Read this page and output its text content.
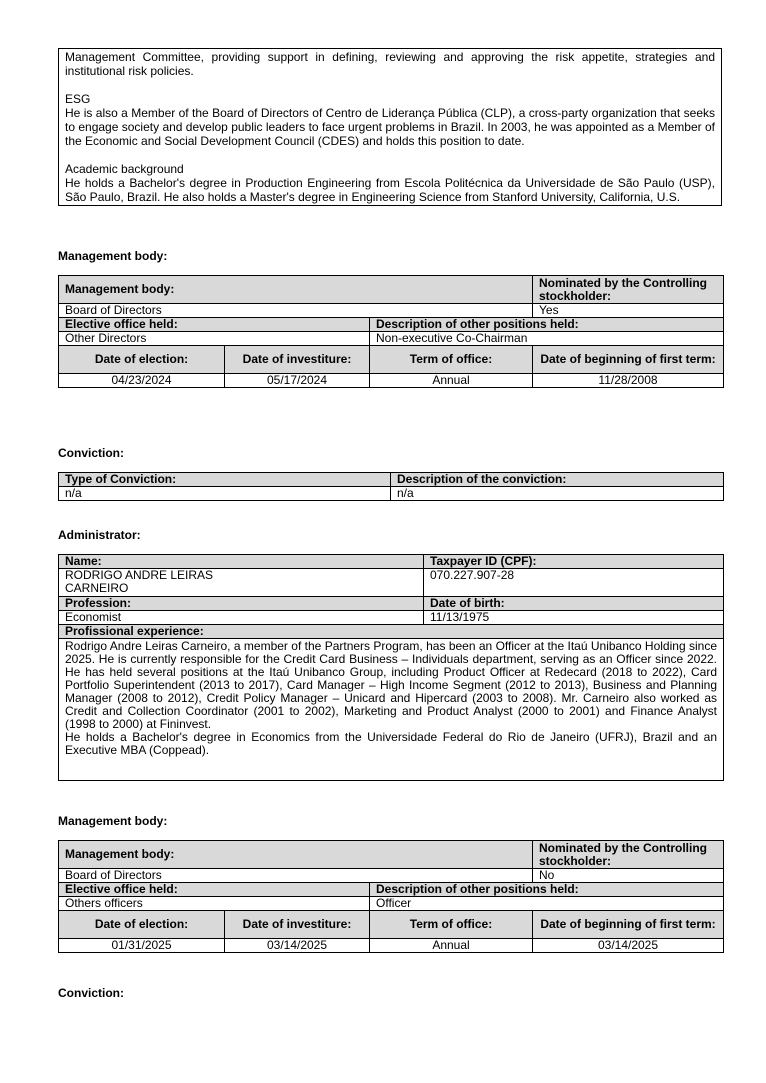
Management Committee, providing support in defining, reviewing and approving the risk appetite, strategies and institutional risk policies.

ESG

He is also a Member of the Board of Directors of Centro de Liderança Pública (CLP), a cross-party organization that seeks to engage society and develop public leaders to face urgent problems in Brazil. In 2003, he was appointed as a Member of the Economic and Social Development Council (CDES) and holds this position to date.

Academic background

He holds a Bachelor's degree in Production Engineering from Escola Politécnica da Universidade de São Paulo (USP), São Paulo, Brazil. He also holds a Master's degree in Engineering Science from Stanford University, California, U.S.

Management body:
Management body:			Nominated by the Controlling stockholder:
Board of Directors			Yes
Elective office held:		Description of other positions held:	
Other Directors		Non-executive Co-Chairman	
Date of election:	Date of investiture:	Term of office:	Date of beginning of first term:
04/23/2024	05/17/2024	Annual	11/28/2008
Conviction:
Type of Conviction:	Description of the conviction:
n/a	n/a
Administrator:
Name:	Taxpayer ID (CPF):

RODRIGO ANDRE LEIRAS CARNEIRO	070.227.907-28
Profession:	Date of birth:
Economist	11/13/1975
Profissional experience:	

Rodrigo Andre Leiras Carneiro, a member of the Partners Program, has been an Officer at the Itaú Unibanco Holding since 2025. He is currently responsible for the Credit Card Business – Individuals department, serving as an Officer since 2022. He has held several positions at the Itaú Unibanco Group, including Product Officer at Redecard (2018 to 2022), Card Portfolio Superintendent (2013 to 2017), Card Manager – High Income Segment (2012 to 2013), Business and Planning Manager (2008 to 2012), Credit Policy Manager – Unicard and Hipercard (2003 to 2008). Mr. Carneiro also worked as Credit and Collection Coordinator (2001 to 2002), Marketing and Product Analyst (2000 to 2001) and Finance Analyst (1998 to 2000) at Fininvest.
He holds a Bachelor's degree in Economics from the Universidade Federal do Rio de Janeiro (UFRJ), Brazil and an Executive MBA (Coppead).	
Management body:
Management body:			Nominated by the Controlling stockholder:
Board of Directors			No
Elective office held:		Description of other positions held:	
Others officers		Officer	
Date of election:	Date of investiture:	Term of office:	Date of beginning of first term:
01/31/2025	03/14/2025	Annual	03/14/2025
Conviction:
